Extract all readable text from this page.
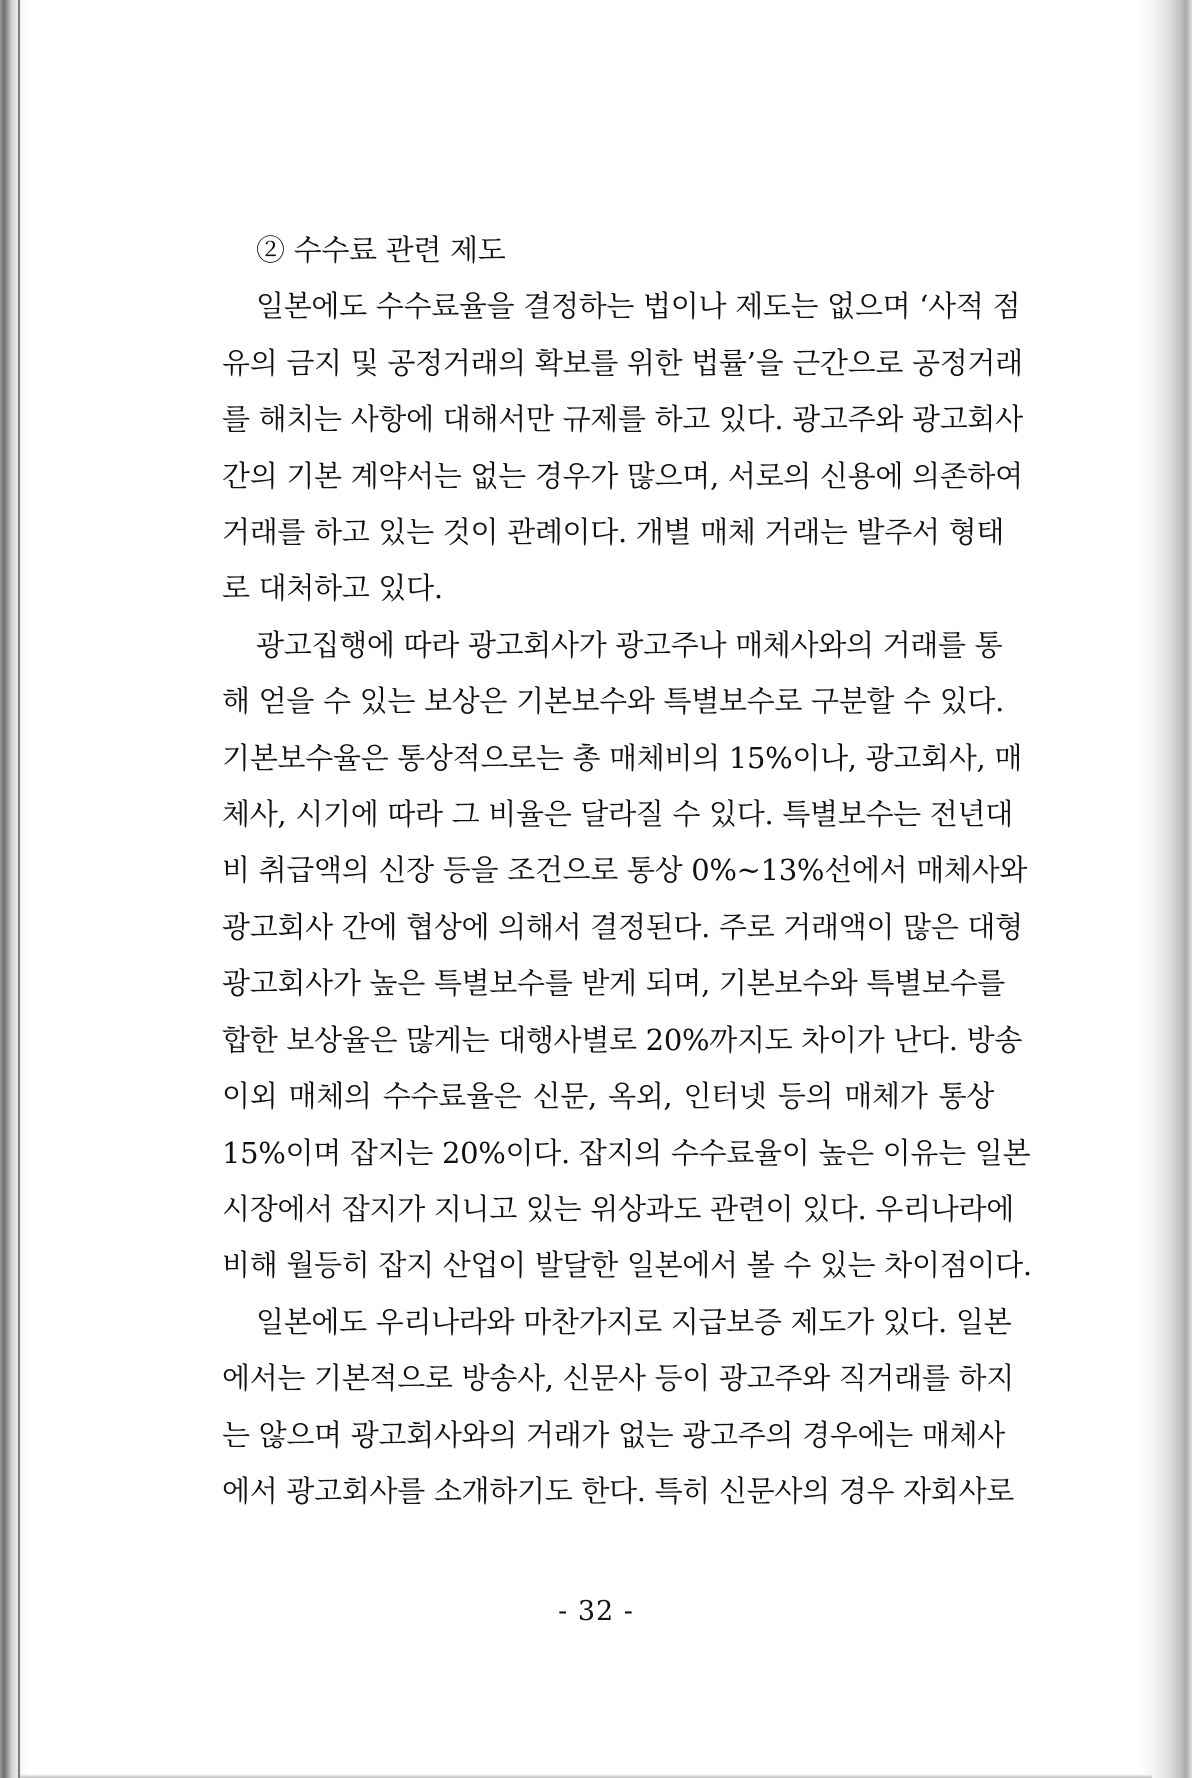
② 수수료 관련 제도

일본에도 수수료율을 결정하는 법이나 제도는 없으며 ‘사적 점

유의 금지 및 공정거래의 확보를 위한 법률’을 근간으로 공정거래

를 해치는 사항에 대해서만 규제를 하고 있다. 광고주와 광고회사

간의 기본 계약서는 없는 경우가 많으며, 서로의 신용에 의존하여

거래를 하고 있는 것이 관례이다. 개별 매체 거래는 발주서 형태

로 대처하고 있다.

광고집행에 따라 광고회사가 광고주나 매체사와의 거래를 통

해 얻을 수 있는 보상은 기본보수와 특별보수로 구분할 수 있다.

기본보수율은 통상적으로는 총 매체비의 15%이나, 광고회사, 매

체사, 시기에 따라 그 비율은 달라질 수 있다. 특별보수는 전년대

비 취급액의 신장 등을 조건으로 통상 0%~13%선에서 매체사와

광고회사 간에 협상에 의해서 결정된다. 주로 거래액이 많은 대형

광고회사가 높은 특별보수를 받게 되며, 기본보수와 특별보수를

합한 보상율은 많게는 대행사별로 20%까지도 차이가 난다. 방송

이외 매체의 수수료율은 신문, 옥외, 인터넷 등의 매체가 통상

15%이며 잡지는 20%이다. 잡지의 수수료율이 높은 이유는 일본

시장에서 잡지가 지니고 있는 위상과도 관련이 있다. 우리나라에

비해 월등히 잡지 산업이 발달한 일본에서 볼 수 있는 차이점이다.

일본에도 우리나라와 마찬가지로 지급보증 제도가 있다. 일본

에서는 기본적으로 방송사, 신문사 등이 광고주와 직거래를 하지

는 않으며 광고회사와의 거래가 없는 광고주의 경우에는 매체사

에서 광고회사를 소개하기도 한다. 특히 신문사의 경우 자회사로

- 32 -
